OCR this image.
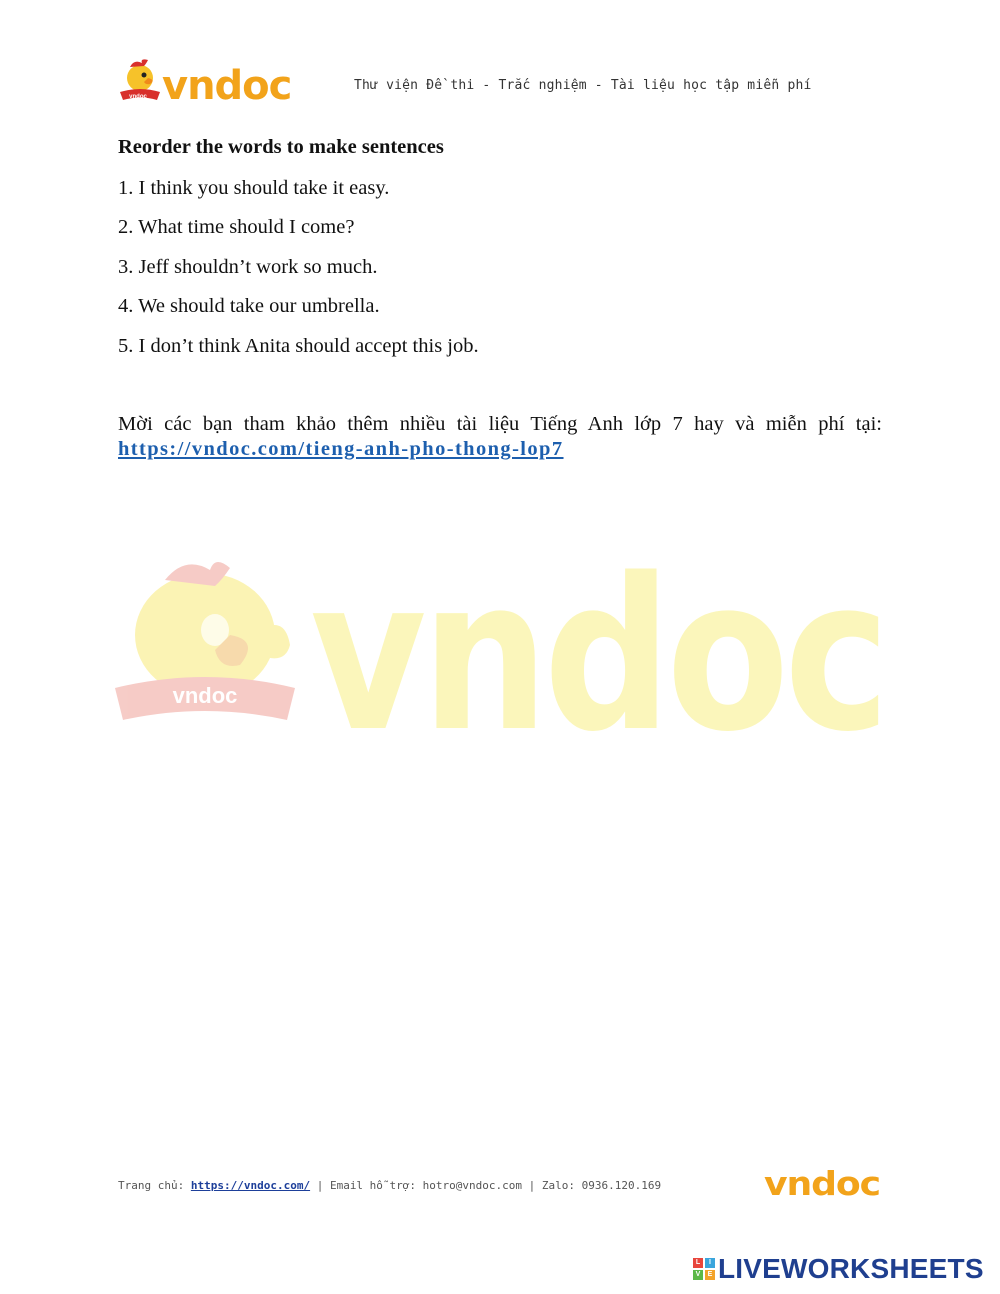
vndoc vndoc	Thư viện Đề thi - Trắc nghiệm - Tài liệu học tập miễn phí
Reorder the words to make sentences
1. I think you should take it easy.
2. What time should I come?
3. Jeff shouldn’t work so much.
4. We should take our umbrella.
5. I don’t think Anita should accept this job.
Mời các bạn tham khảo thêm nhiều tài liệu Tiếng Anh lớp 7 hay và miễn phí tại:
https://vndoc.com/tieng-anh-pho-thong-lop7
vndoc vndoc
Trang chủ: https://vndoc.com/ | Email hỗ trợ: hotro@vndoc.com | Zalo: 0936.120.169	vndoc
L	I
V	E LIVEWORKSHEETS
